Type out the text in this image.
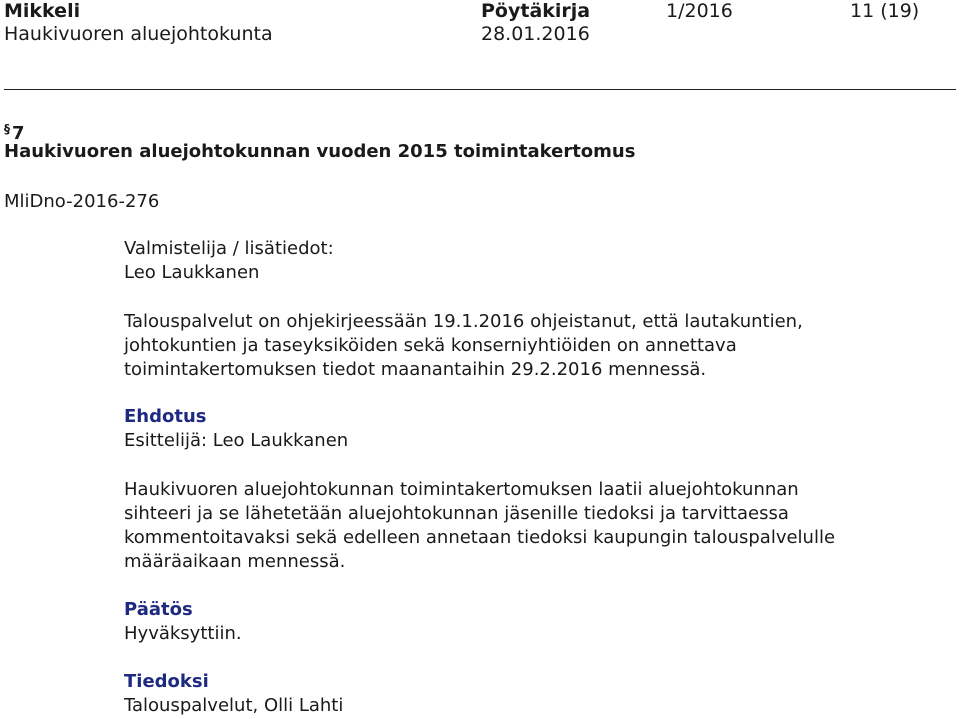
Mikkeli
Haukivuoren aluejohtokunta
Pöytäkirja
28.01.2016
1/2016	11 (19)
§ 7
Haukivuoren aluejohtokunnan vuoden 2015 toimintakertomus
MliDno-2016-276

Valmistelija / lisätiedot:

Leo Laukkanen

Talouspalvelut on ohjekirjeessään 19.1.2016 ohjeistanut, että lautakuntien,

johtokuntien ja taseyksiköiden sekä konserniyhtiöiden on annettava

toimintakertomuksen tiedot maanantaihin 29.2.2016 mennessä.

Ehdotus

Esittelijä: Leo Laukkanen

Haukivuoren aluejohtokunnan toimintakertomuksen laatii aluejohtokunnan

sihteeri ja se lähetetään aluejohtokunnan jäsenille tiedoksi ja tarvittaessa

kommentoitavaksi sekä edelleen annetaan tiedoksi kaupungin talouspalvelulle

määräaikaan mennessä.

Päätös

Hyväksyttiin.

Tiedoksi

Talouspalvelut, Olli Lahti
